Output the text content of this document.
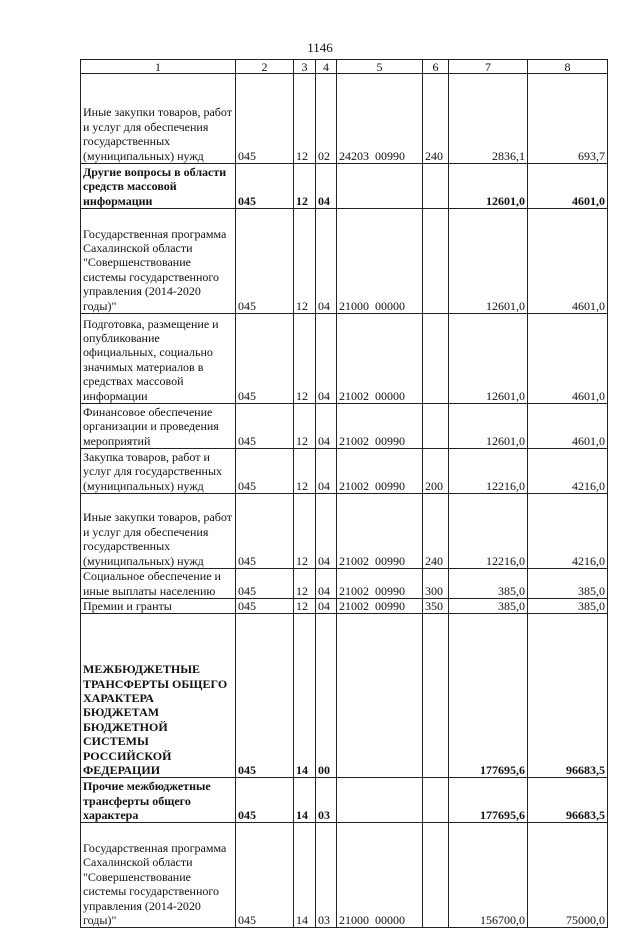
1146
1	2	3	4	5	6	7	8
Иные закупки товаров, работ и услуг для обеспечения государственных (муниципальных) нужд	045	12	02	24203  00990	240	2836,1	693,7
Другие вопросы в области средств массовой информации	045	12	04			12601,0	4601,0
Государственная программа Сахалинской области "Совершенствование системы государственного управления (2014-2020 годы)"	045	12	04	21000  00000		12601,0	4601,0
Подготовка, размещение и опубликование официальных, социально значимых материалов в средствах массовой информации	045	12	04	21002  00000		12601,0	4601,0
Финансовое обеспечение организации и проведения мероприятий	045	12	04	21002  00990		12601,0	4601,0
Закупка товаров, работ и услуг для государственных (муниципальных) нужд	045	12	04	21002  00990	200	12216,0	4216,0
Иные закупки товаров, работ и услуг для обеспечения государственных (муниципальных) нужд	045	12	04	21002  00990	240	12216,0	4216,0
Социальное обеспечение и иные выплаты населению	045	12	04	21002  00990	300	385,0	385,0
Премии и гранты	045	12	04	21002  00990	350	385,0	385,0
МЕЖБЮДЖЕТНЫЕ ТРАНСФЕРТЫ ОБЩЕГО ХАРАКТЕРА БЮДЖЕТАМ БЮДЖЕТНОЙ СИСТЕМЫ РОССИЙСКОЙ ФЕДЕРАЦИИ	045	14	00			177695,6	96683,5
Прочие межбюджетные трансферты общего характера	045	14	03			177695,6	96683,5
Государственная программа Сахалинской области "Совершенствование системы государственного управления (2014-2020 годы)"	045	14	03	21000  00000		156700,0	75000,0
